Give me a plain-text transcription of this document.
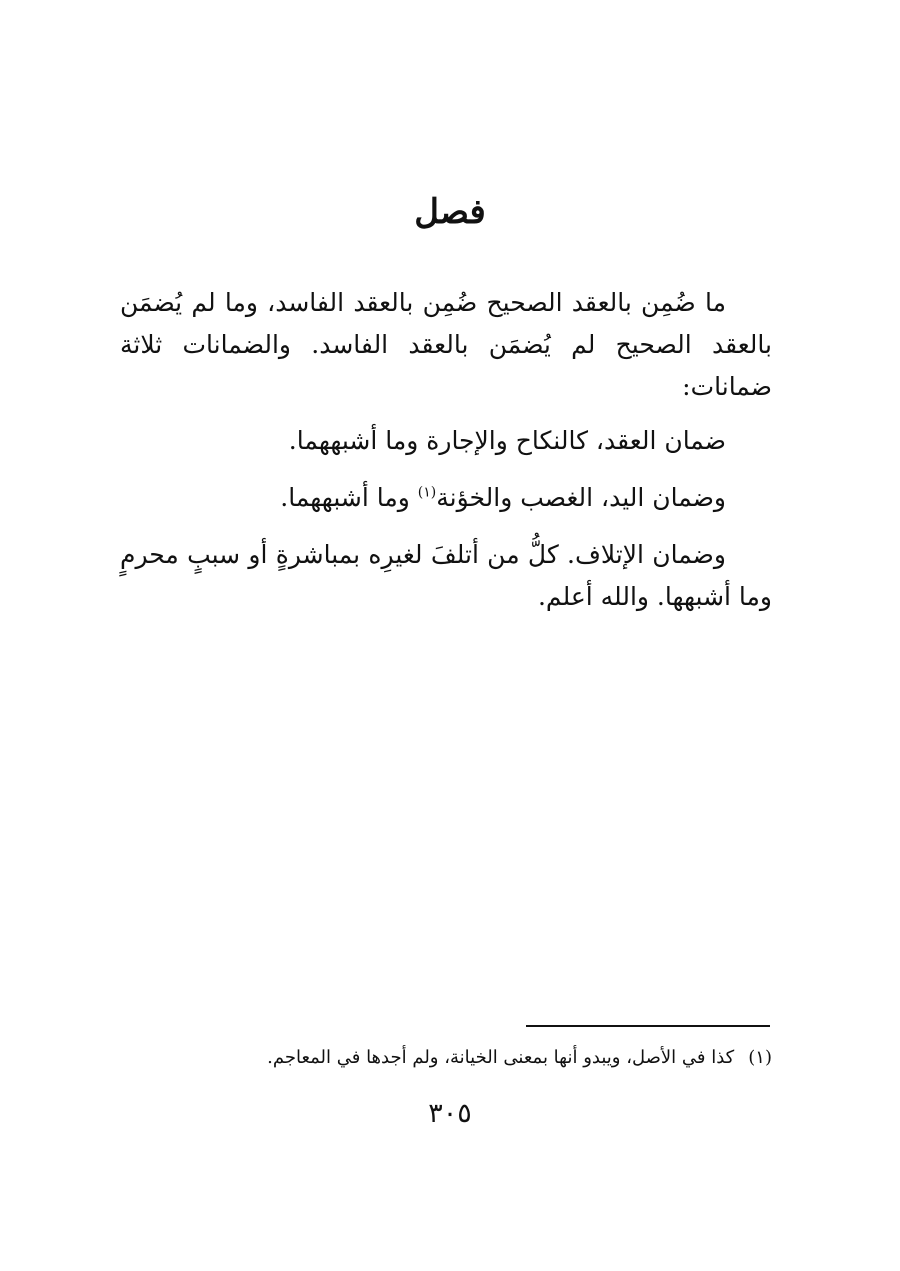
فصل

ما ضُمِن بالعقد الصحيح ضُمِن بالعقد الفاسد، وما لم يُضمَن بالعقد الصحيح لم يُضمَن بالعقد الفاسد. والضمانات ثلاثة ضمانات:

ضمان العقد، كالنكاح والإجارة وما أشبههما.

وضمان اليد، الغصب والخؤنة$^{(١)}$ وما أشبههما.

وضمان الإتلاف. كلُّ من أتلفَ لغيرِه بمباشرةٍ أو سببٍ محرمٍ وما أشبهها. والله أعلم.

(١)كذا في الأصل، ويبدو أنها بمعنى الخيانة، ولم أجدها في المعاجم.
٣٠٥
